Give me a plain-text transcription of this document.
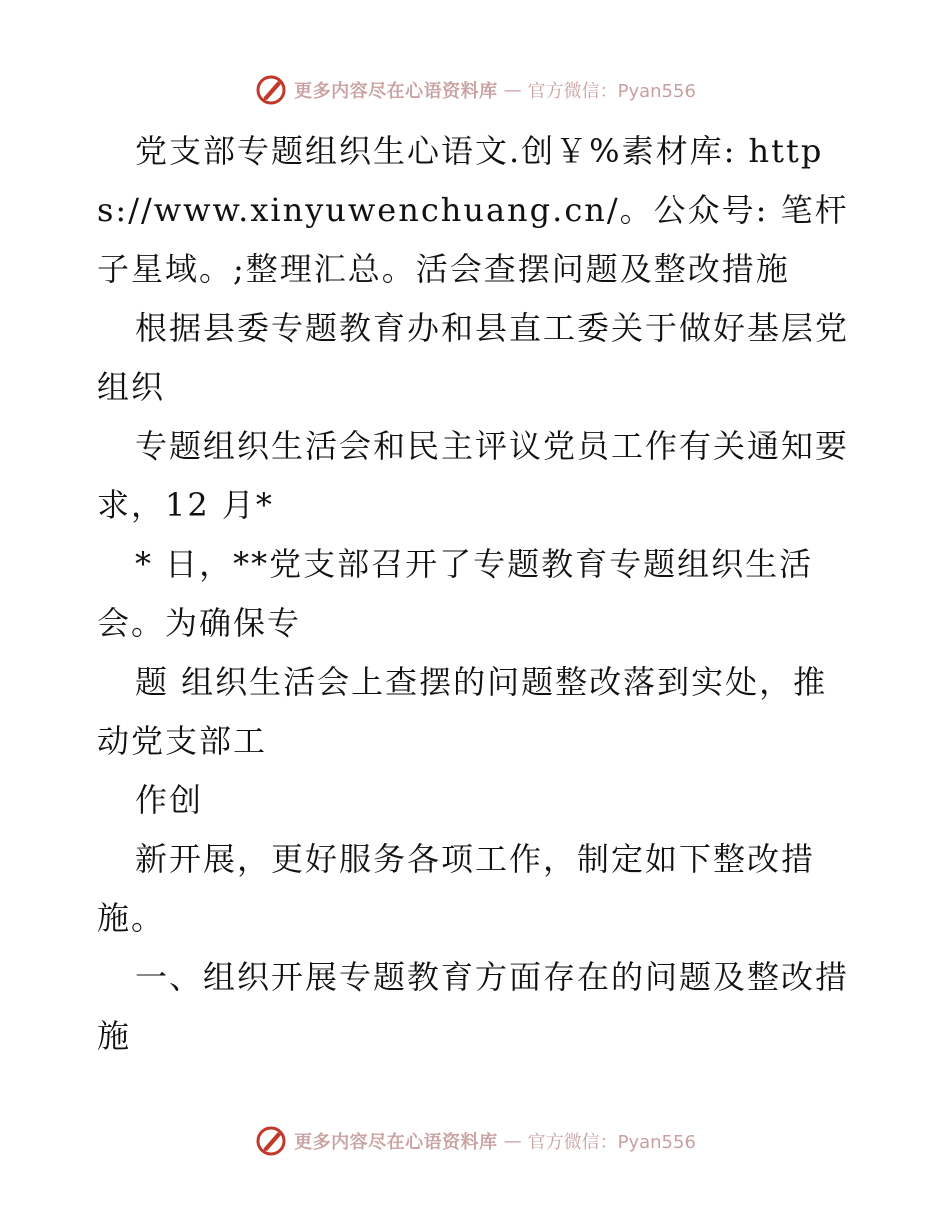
更多内容尽在心语资料库 — 官方微信：Pyan556

党支部专题组织生心语文.创￥%素材库: https://www.xinyuwenchuang.cn/。公众号: 笔杆子星域。;整理汇总。活会查摆问题及整改措施

根据县委专题教育办和县直工委关于做好基层党组织

专题组织生活会和民主评议党员工作有关通知要求，12 月*

* 日，**党支部召开了专题教育专题组织生活会。为确保专

题 组织生活会上查摆的问题整改落到实处，推动党支部工

作创

新开展，更好服务各项工作，制定如下整改措施。

一、组织开展专题教育方面存在的问题及整改措施

更多内容尽在心语资料库 — 官方微信：Pyan556
